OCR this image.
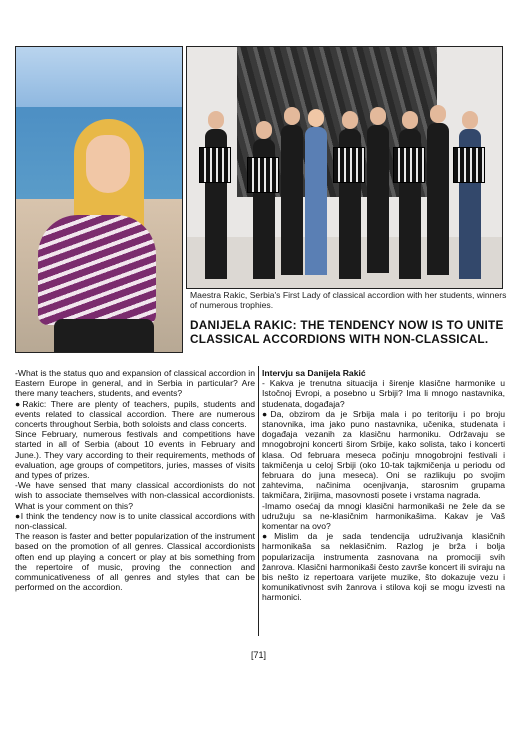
Maestra Rakic, Serbia's First Lady of classical accordion with her students, winners of numerous trophies.
DANIJELA RAKIC: THE TENDENCY NOW IS TO UNITE CLASSICAL ACCORDIONS WITH NON-CLASSICAL.
-What is the status quo and expansion of classical accordion in Eastern Europe in general, and in Serbia in particular? Are there many teachers, students, and events?
●Rakic: There are plenty of teachers, pupils, students and events related to classical accordion. There are numerous concerts throughout Serbia, both soloists and class concerts.
Since February, numerous festivals and competitions have started in all of Serbia (about 10 events in February and June.). They vary according to their requirements, methods of evaluation, age groups of competitors, juries, masses of visits and types of prizes.
-We have sensed that many classical accordionists do not wish to associate themselves with non-classical accordionists. What is your comment on this?
●I think the tendency now is to unite classical accordions with non-classical.
The reason is faster and better popularization of the instrument based on the promotion of all genres. Classical accordionists often end up playing a concert or play at bis something from the repertoire of music, proving the connection and communicativeness of all genres and styles that can be performed on the accordion.
Intervju sa Danijela Rakić
- Kakva je trenutna situacija i širenje klasične harmonike u Istočnoj Evropi, a posebno u Srbiji? Ima li mnogo nastavnika, studenata, događaja?
●Da, obzirom da je Srbija mala i po teritoriju i po broju stanovnika, ima jako puno nastavnika, učenika, studenata i događaja vezanih za klasičnu harmoniku. Održavaju se mnogobrojni koncerti širom Srbije, kako solista, tako i koncerti klasa. Od februara meseca počinju mnogobrojni festivali i takmičenja u celoj Srbiji (oko 10-tak tajkmičenja u periodu od februara do juna meseca). Oni se razlikuju po svojim zahtevima, načinima ocenjivanja, starosnim grupama takmičara, žirijima, masovnosti posete i vrstama nagrada.
-Imamo osećaj da mnogi klasični harmonikaši ne žele da se udružuju sa ne-klasičnim harmonikašima. Kakav je Vaš komentar na ovo?
●Mislim da je sada tendencija udruživanja klasičnih harmonikaša sa neklasičnim. Razlog je brža i bolja popularizacija instrumenta zasnovana na promociji svih žanrova. Klasični harmonikaši često završe koncert ili sviraju na bis nešto iz repertoara varijete muzike, što dokazuje vezu i komunikativnost svih žanrova i stilova koji se mogu izvesti na harmonici.
[71]
